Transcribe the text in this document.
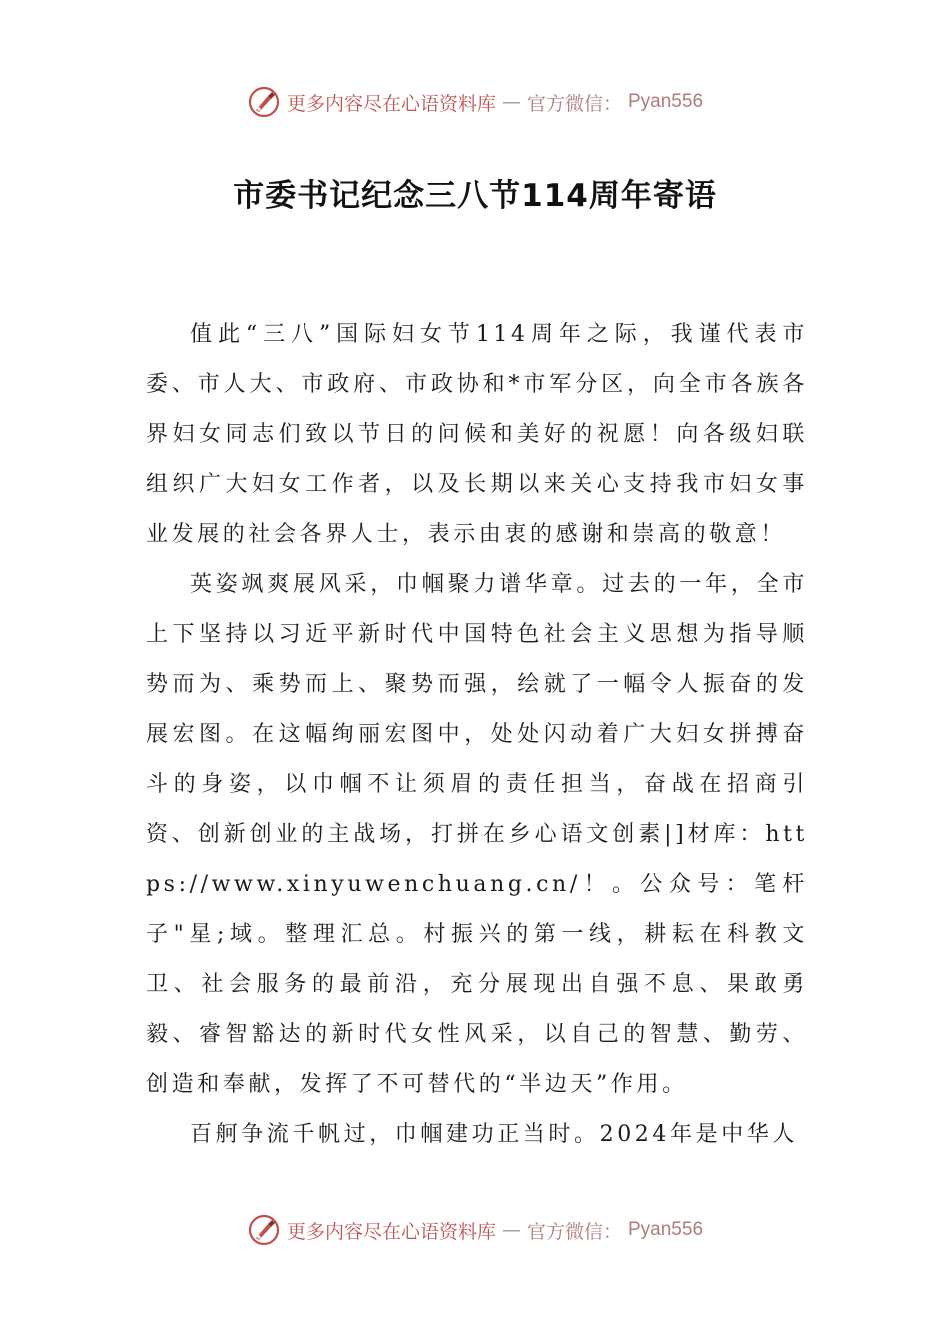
更多内容尽在心语资料库 — 官方微信： Pyan556
市委书记纪念三八节114周年寄语

值此“三八”国际妇女节114周年之际，我谨代表市委、市人大、市政府、市政协和*市军分区，向全市各族各界妇女同志们致以节日的问候和美好的祝愿！向各级妇联组织广大妇女工作者，以及长期以来关心支持我市妇女事业发展的社会各界人士，表示由衷的感谢和崇高的敬意！

英姿飒爽展风采，巾帼聚力谱华章。过去的一年，全市上下坚持以习近平新时代中国特色社会主义思想为指导顺势而为、乘势而上、聚势而强，绘就了一幅令人振奋的发展宏图。在这幅绚丽宏图中，处处闪动着广大妇女拼搏奋斗的身姿，以巾帼不让须眉的责任担当，奋战在招商引资、创新创业的主战场，打拼在乡心语文创素|]材库：https://www.xinyuwenchuang.cn/！。公众号：笔杆子"星;域。整理汇总。村振兴的第一线，耕耘在科教文卫、社会服务的最前沿，充分展现出自强不息、果敢勇毅、睿智豁达的新时代女性风采，以自己的智慧、勤劳、创造和奉献，发挥了不可替代的“半边天”作用。

百舸争流千帆过，巾帼建功正当时。2024年是中华人

更多内容尽在心语资料库 — 官方微信： Pyan556
